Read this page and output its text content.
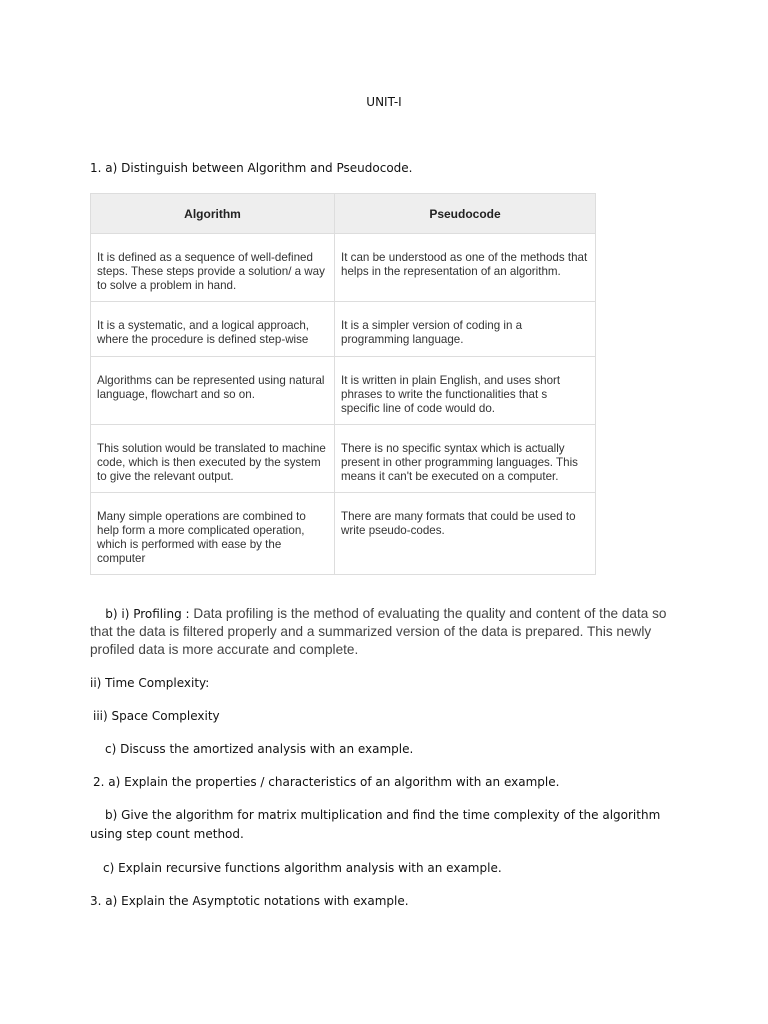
UNIT-I
1. a) Distinguish between Algorithm and Pseudocode.
Algorithm	Pseudocode
It is defined as a sequence of well-defined steps. These steps provide a solution/ a way to solve a problem in hand.	It can be understood as one of the methods that helps in the representation of an algorithm.
It is a systematic, and a logical approach, where the procedure is defined step-wise	It is a simpler version of coding in a programming language.
Algorithms can be represented using natural language, flowchart and so on.	It is written in plain English, and uses short phrases to write the functionalities that s specific line of code would do.
This solution would be translated to machine code, which is then executed by the system to give the relevant output.	There is no specific syntax which is actually present in other programming languages. This means it can't be executed on a computer.
Many simple operations are combined to help form a more complicated operation, which is performed with ease by the computer	There are many formats that could be used to write pseudo-codes.
b) i) Profiling : Data profiling is the method of evaluating the quality and content of the data so that the data is filtered properly and a summarized version of the data is prepared. This newly profiled data is more accurate and complete.
ii) Time Complexity:
iii) Space Complexity
c) Discuss the amortized analysis with an example.
2. a) Explain the properties / characteristics of an algorithm with an example.
b) Give the algorithm for matrix multiplication and find the time complexity of the algorithm using step count method.
c) Explain recursive functions algorithm analysis with an example.
3. a) Explain the Asymptotic notations with example.
